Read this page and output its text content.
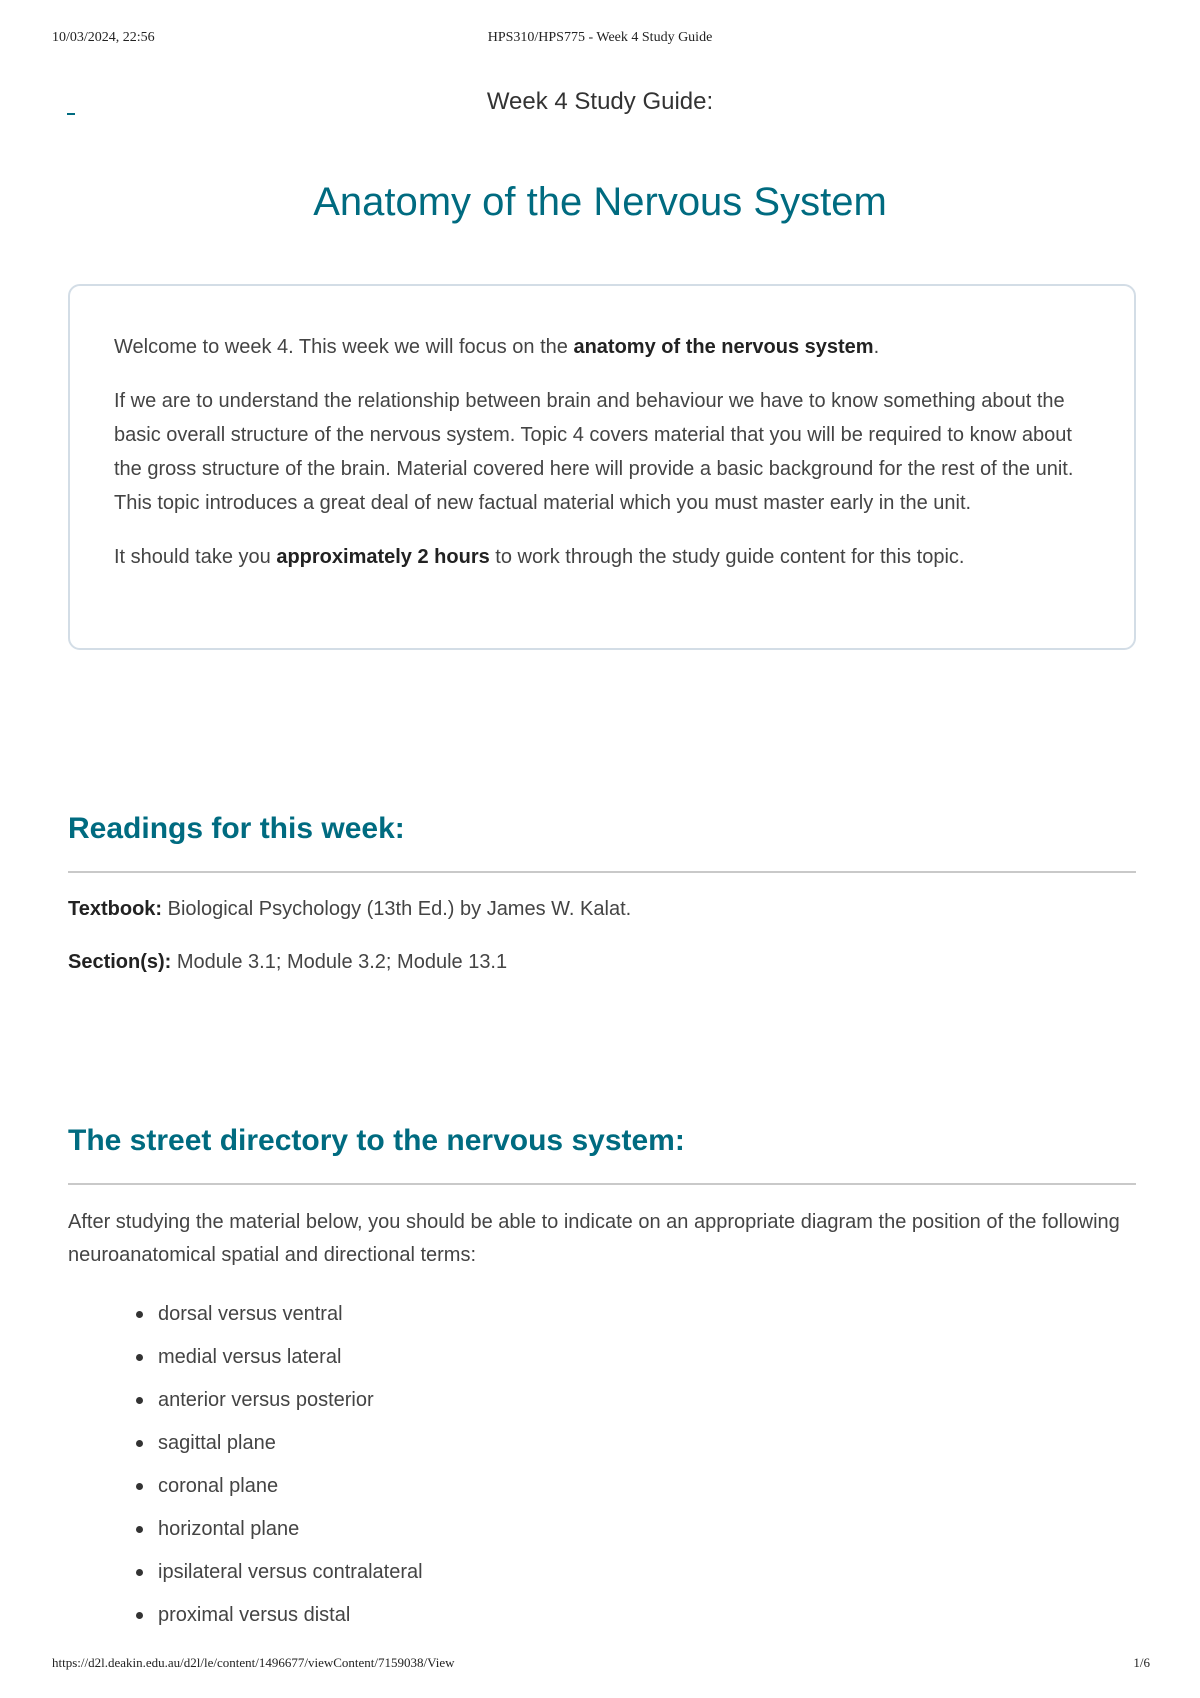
10/03/2024, 22:56	HPS310/HPS775 - Week 4 Study Guide
Week 4 Study Guide:
Anatomy of the Nervous System

Welcome to week 4. This week we will focus on the anatomy of the nervous system.

If we are to understand the relationship between brain and behaviour we have to know something about the basic overall structure of the nervous system. Topic 4 covers material that you will be required to know about the gross structure of the brain. Material covered here will provide a basic background for the rest of the unit. This topic introduces a great deal of new factual material which you must master early in the unit.

It should take you approximately 2 hours to work through the study guide content for this topic.

Readings for this week:

Textbook: Biological Psychology (13th Ed.) by James W. Kalat.

Section(s): Module 3.1; Module 3.2; Module 13.1

The street directory to the nervous system:

After studying the material below, you should be able to indicate on an appropriate diagram the position of the following neuroanatomical spatial and directional terms:

dorsal versus ventral
medial versus lateral
anterior versus posterior
sagittal plane
coronal plane
horizontal plane
ipsilateral versus contralateral
proximal versus distal
https://d2l.deakin.edu.au/d2l/le/content/1496677/viewContent/7159038/View	1/6
